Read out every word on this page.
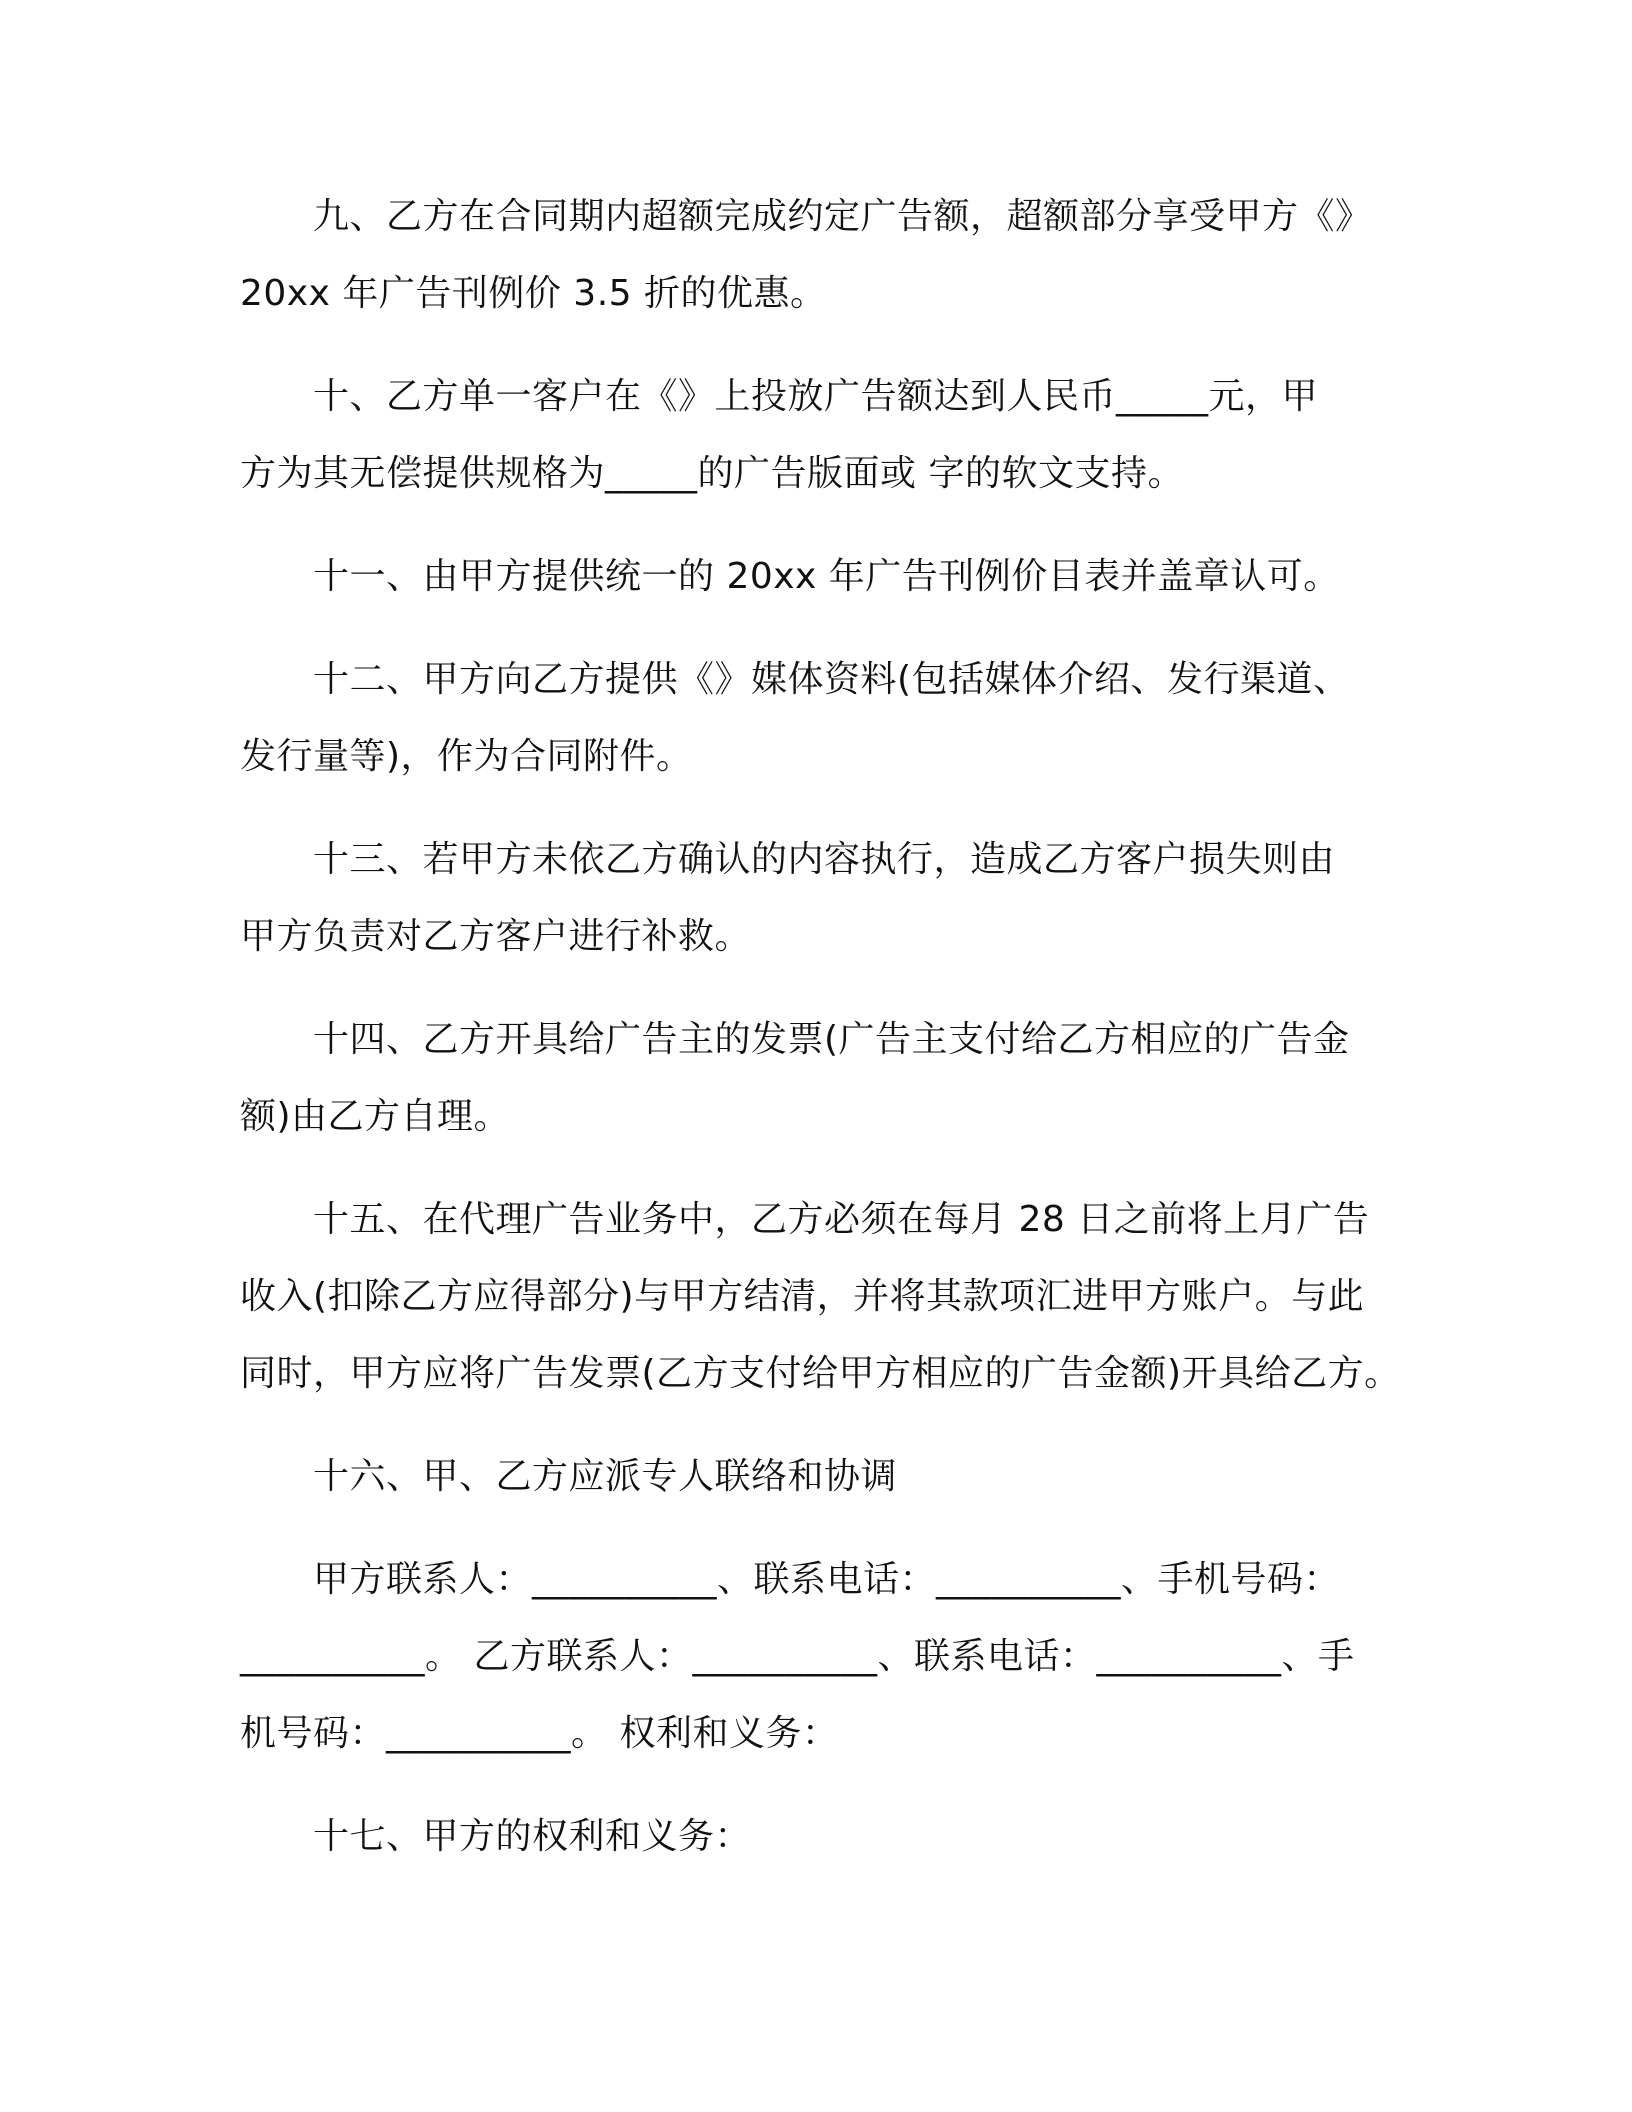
九、乙方在合同期内超额完成约定广告额，超额部分享受甲方《》
20xx 年广告刊例价 3.5 折的优惠。
十、乙方单一客户在《》上投放广告额达到人民币_____元，甲
方为其无偿提供规格为_____的广告版面或 字的软文支持。
十一、由甲方提供统一的 20xx 年广告刊例价目表并盖章认可。
十二、甲方向乙方提供《》媒体资料(包括媒体介绍、发行渠道、
发行量等)，作为合同附件。
十三、若甲方未依乙方确认的内容执行，造成乙方客户损失则由
甲方负责对乙方客户进行补救。
十四、乙方开具给广告主的发票(广告主支付给乙方相应的广告金
额)由乙方自理。
十五、在代理广告业务中，乙方必须在每月 28 日之前将上月广告
收入(扣除乙方应得部分)与甲方结清，并将其款项汇进甲方账户。与此
同时，甲方应将广告发票(乙方支付给甲方相应的广告金额)开具给乙方。
十六、甲、乙方应派专人联络和协调
甲方联系人：__________、联系电话：__________、手机号码：
__________。 乙方联系人：__________、联系电话：__________、手
机号码：__________。 权利和义务：
十七、甲方的权利和义务：
